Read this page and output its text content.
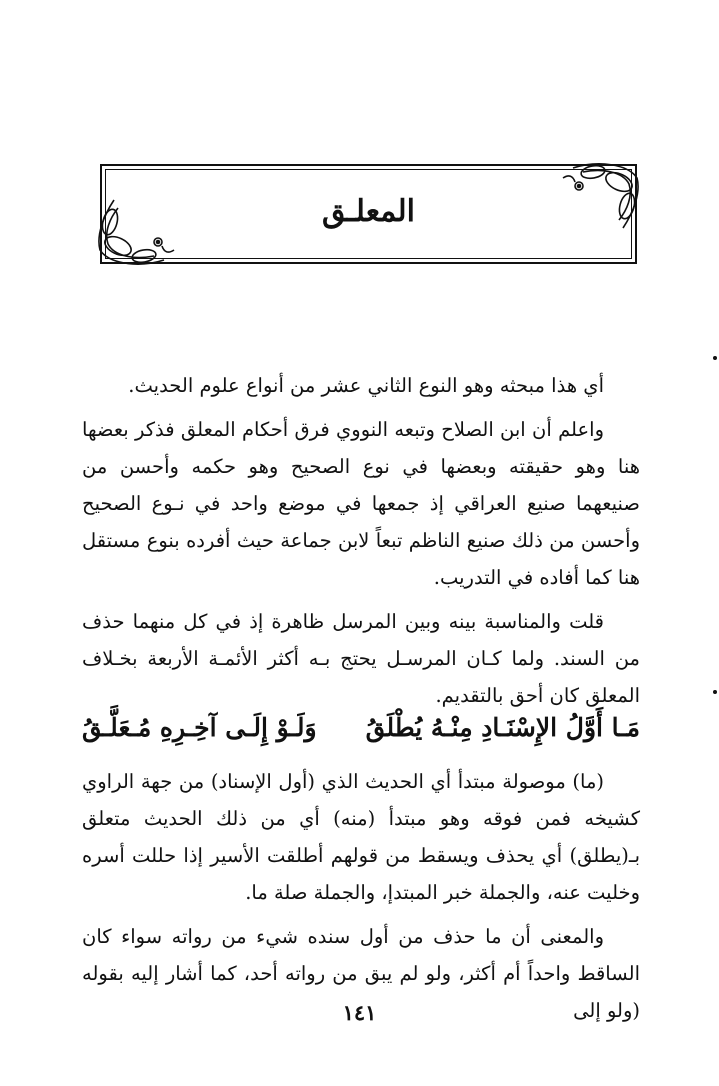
المعلـق

أي هذا مبحثه وهو النوع الثاني عشر من أنواع علوم الحديث.

واعلم أن ابن الصلاح وتبعه النووي فرق أحكام المعلق فذكر بعضها هنا وهو حقيقته وبعضها في نوع الصحيح وهو حكمه وأحسن من صنيعهما صنيع العراقي إذ جمعها في موضع واحد في نـوع الصحيح وأحسن من ذلك صنيع الناظم تبعاً لابن جماعة حيث أفرده بنوع مستقل هنا كما أفاده في التدريب.

قلت والمناسبة بينه وبين المرسل ظاهرة إذ في كل منهما حذف من السند. ولما كـان المرسـل يحتج بـه أكثر الأئمـة الأربعة بخـلاف المعلق كان أحق بالتقديم.

مَـا أَوَّلُ الإِسْنَـادِ مِنْـهُ يُطْلَقُ
وَلَـوْ إِلَـى آخِـرِهِ مُـعَلَّـقُ

(ما) موصولة مبتدأ أي الحديث الذي (أول الإسناد) من جهة الراوي كشيخه فمن فوقه وهو مبتدأ (منه) أي من ذلك الحديث متعلق بـ(يطلق) أي يحذف ويسقط من قولهم أطلقت الأسير إذا حللت أسره وخليت عنه، والجملة خبر المبتدإ، والجملة صلة ما.

والمعنى أن ما حذف من أول سنده شيء من رواته سواء كان الساقط واحداً أم أكثر، ولو لم يبق من رواته أحد، كما أشار إليه بقوله (ولو إلى

١٤١
